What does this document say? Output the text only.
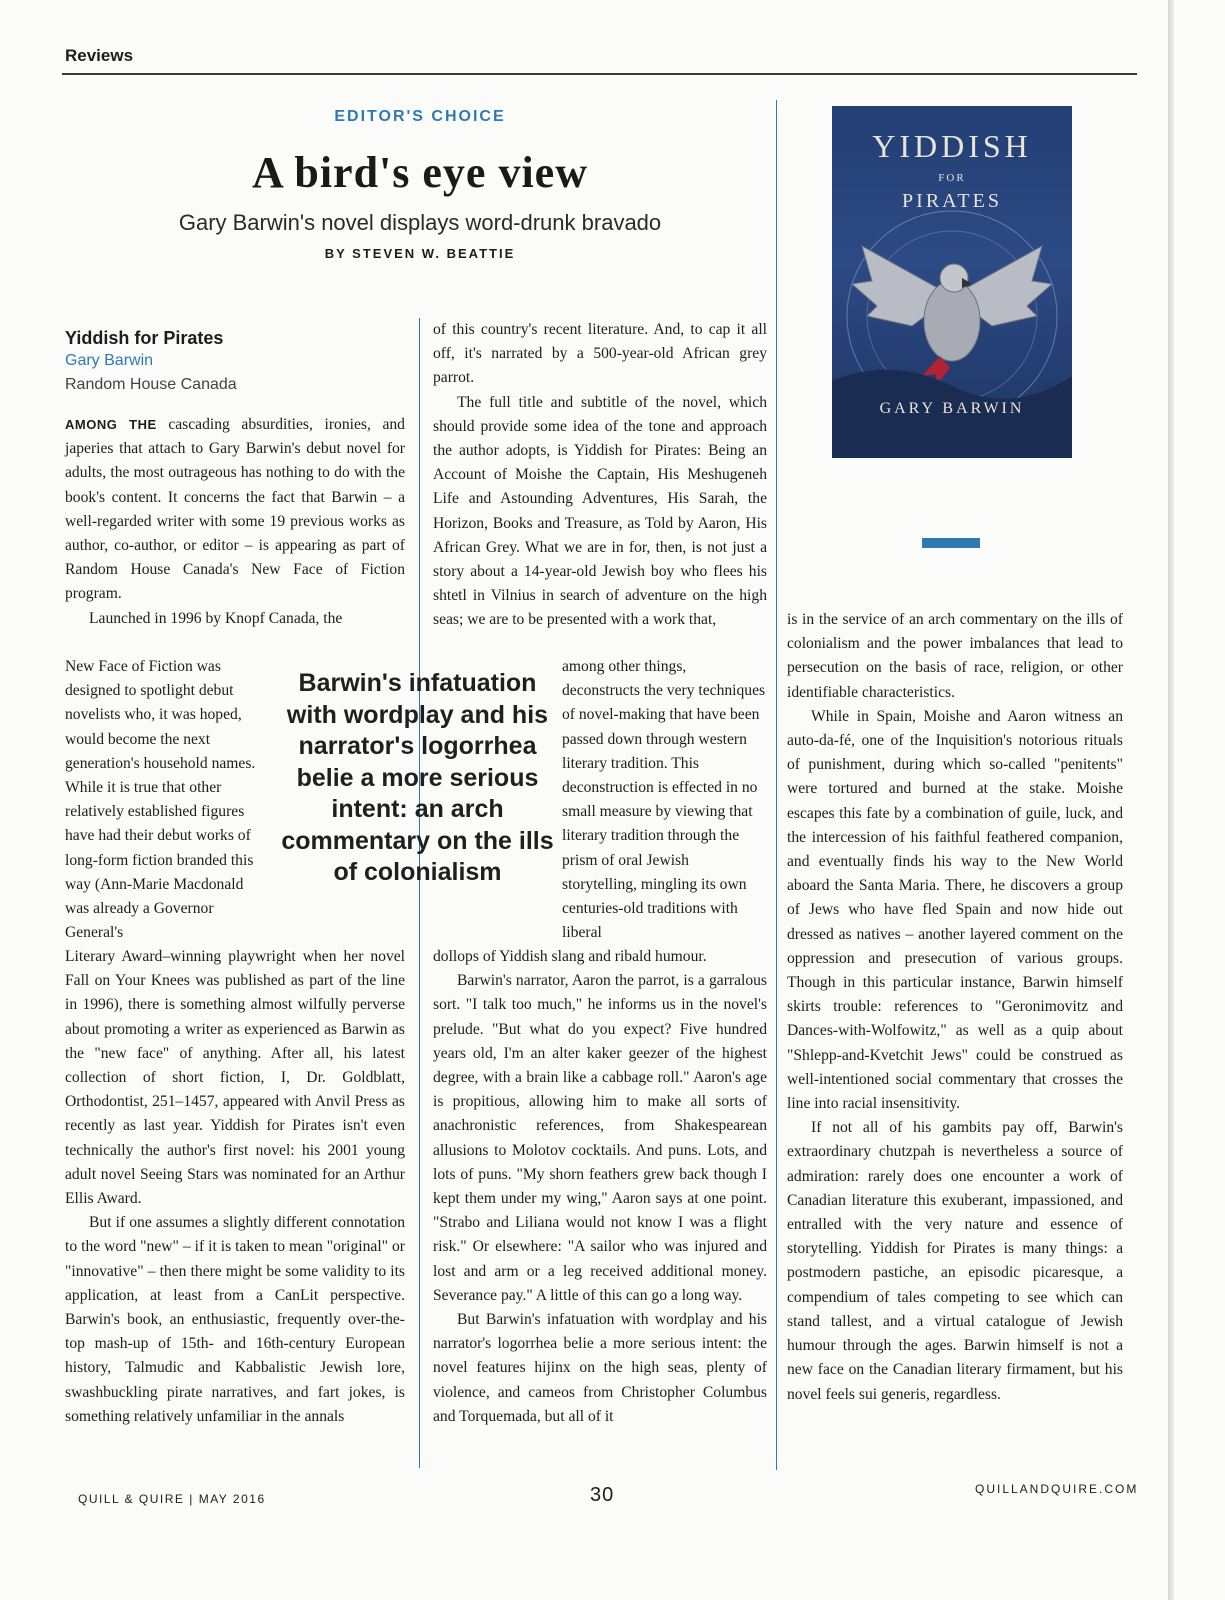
Reviews
EDITOR'S CHOICE
A bird's eye view
Gary Barwin's novel displays word-drunk bravado
BY STEVEN W. BEATTIE
Yiddish for Pirates
Gary Barwin
Random House Canada

AMONG THE cascading absurdities, ironies, and japeries that attach to Gary Barwin's debut novel for adults, the most outrageous has nothing to do with the book's content. It concerns the fact that Barwin – a well-regarded writer with some 19 previous works as author, co-author, or editor – is appearing as part of Random House Canada's New Face of Fiction program.

Launched in 1996 by Knopf Canada, the

New Face of Fiction was designed to spotlight debut novelists who, it was hoped, would become the next generation's household names. While it is true that other relatively established figures have had their debut works of long-form fiction branded this way (Ann-Marie Macdonald was already a Governor General's

Literary Award–winning playwright when her novel Fall on Your Knees was published as part of the line in 1996), there is something almost wilfully perverse about promoting a writer as experienced as Barwin as the "new face" of anything. After all, his latest collection of short fiction, I, Dr. Goldblatt, Orthodontist, 251–1457, appeared with Anvil Press as recently as last year. Yiddish for Pirates isn't even technically the author's first novel: his 2001 young adult novel Seeing Stars was nominated for an Arthur Ellis Award.

But if one assumes a slightly different connotation to the word "new" – if it is taken to mean "original" or "innovative" – then there might be some validity to its application, at least from a CanLit perspective. Barwin's book, an enthusiastic, frequently over-the-top mash-up of 15th- and 16th-century European history, Talmudic and Kabbalistic Jewish lore, swashbuckling pirate narratives, and fart jokes, is something relatively unfamiliar in the annals

of this country's recent literature. And, to cap it all off, it's narrated by a 500-year-old African grey parrot.

The full title and subtitle of the novel, which should provide some idea of the tone and approach the author adopts, is Yiddish for Pirates: Being an Account of Moishe the Captain, His Meshugeneh Life and Astounding Adventures, His Sarah, the Horizon, Books and Treasure, as Told by Aaron, His African Grey. What we are in for, then, is not just a story about a 14-year-old Jewish boy who flees his shtetl in Vilnius in search of adventure on the high seas; we are to be presented with a work that,

among other things, deconstructs the very techniques of novel-making that have been passed down through western literary tradition. This deconstruction is effected in no small measure by viewing that literary tradition through the prism of oral Jewish storytelling, mingling its own centuries-old traditions with liberal

dollops of Yiddish slang and ribald humour.

Barwin's narrator, Aaron the parrot, is a garralous sort. "I talk too much," he informs us in the novel's prelude. "But what do you expect? Five hundred years old, I'm an alter kaker geezer of the highest degree, with a brain like a cabbage roll." Aaron's age is propitious, allowing him to make all sorts of anachronistic references, from Shakespearean allusions to Molotov cocktails. And puns. Lots, and lots of puns. "My shorn feathers grew back though I kept them under my wing," Aaron says at one point. "Strabo and Liliana would not know I was a flight risk." Or elsewhere: "A sailor who was injured and lost and arm or a leg received additional money. Severance pay." A little of this can go a long way.

But Barwin's infatuation with wordplay and his narrator's logorrhea belie a more serious intent: the novel features hijinx on the high seas, plenty of violence, and cameos from Christopher Columbus and Torquemada, but all of it

Barwin's infatuation with wordplay and his narrator's logorrhea belie a more serious intent: an arch commentary on the ills of colonialism
YIDDISH
FOR
PIRATES
GARY BARWIN

is in the service of an arch commentary on the ills of colonialism and the power imbalances that lead to persecution on the basis of race, religion, or other identifiable characteristics.

While in Spain, Moishe and Aaron witness an auto-da-fé, one of the Inquisition's notorious rituals of punishment, during which so-called "penitents" were tortured and burned at the stake. Moishe escapes this fate by a combination of guile, luck, and the intercession of his faithful feathered companion, and eventually finds his way to the New World aboard the Santa Maria. There, he discovers a group of Jews who have fled Spain and now hide out dressed as natives – another layered comment on the oppression and presecution of various groups. Though in this particular instance, Barwin himself skirts trouble: references to "Geronimovitz and Dances-with-Wolfowitz," as well as a quip about "Shlepp-and-Kvetchit Jews" could be construed as well-intentioned social commentary that crosses the line into racial insensitivity.

If not all of his gambits pay off, Barwin's extraordinary chutzpah is nevertheless a source of admiration: rarely does one encounter a work of Canadian literature this exuberant, impassioned, and entralled with the very nature and essence of storytelling. Yiddish for Pirates is many things: a postmodern pastiche, an episodic picaresque, a compendium of tales competing to see which can stand tallest, and a virtual catalogue of Jewish humour through the ages. Barwin himself is not a new face on the Canadian literary firmament, but his novel feels sui generis, regardless.

QUILL & QUIRE | MAY 2016	30	QUILLANDQUIRE.COM
